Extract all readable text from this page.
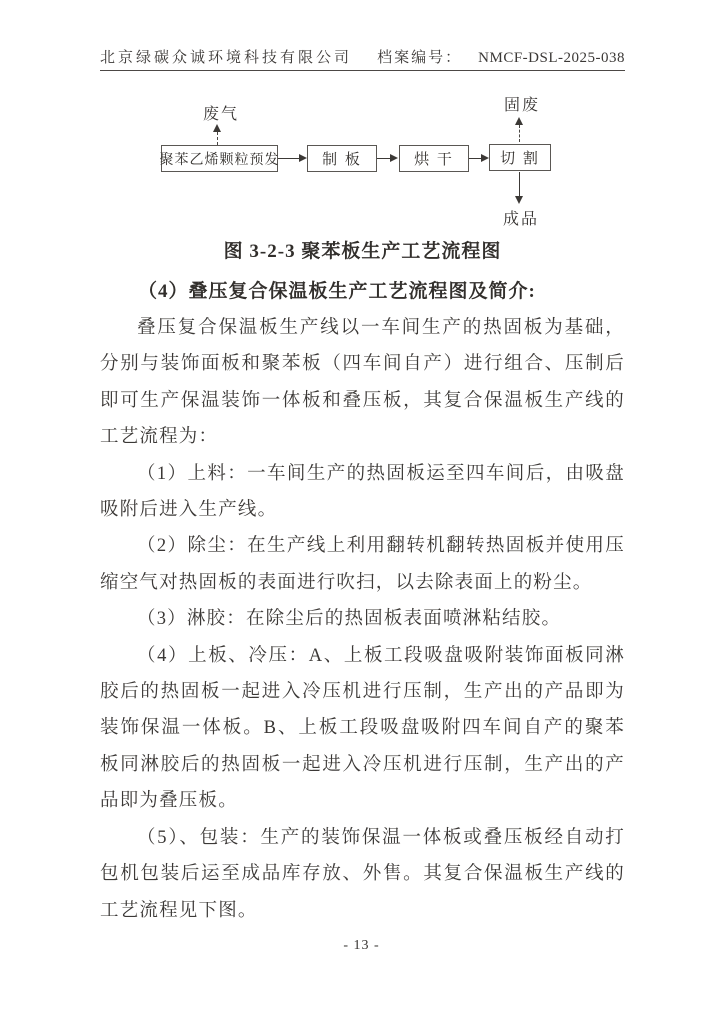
北京绿碳众诚环境科技有限公司 档案编号： NMCF-DSL-2025-038
废气
聚苯乙烯颗粒预发	制 板	烘 干	切 割
固废
成品
图 3-2-3 聚苯板生产工艺流程图
（4）叠压复合保温板生产工艺流程图及简介:

叠压复合保温板生产线以一车间生产的热固板为基础，分别与装饰面板和聚苯板（四车间自产）进行组合、压制后即可生产保温装饰一体板和叠压板，其复合保温板生产线的工艺流程为：

（1）上料：一车间生产的热固板运至四车间后，由吸盘吸附后进入生产线。

（2）除尘：在生产线上利用翻转机翻转热固板并使用压缩空气对热固板的表面进行吹扫，以去除表面上的粉尘。

（3）淋胶：在除尘后的热固板表面喷淋粘结胶。

（4）上板、冷压：A、上板工段吸盘吸附装饰面板同淋胶后的热固板一起进入冷压机进行压制，生产出的产品即为装饰保温一体板。B、上板工段吸盘吸附四车间自产的聚苯板同淋胶后的热固板一起进入冷压机进行压制，生产出的产品即为叠压板。

（5）、包装：生产的装饰保温一体板或叠压板经自动打包机包装后运至成品库存放、外售。其复合保温板生产线的工艺流程见下图。

- 13 -
